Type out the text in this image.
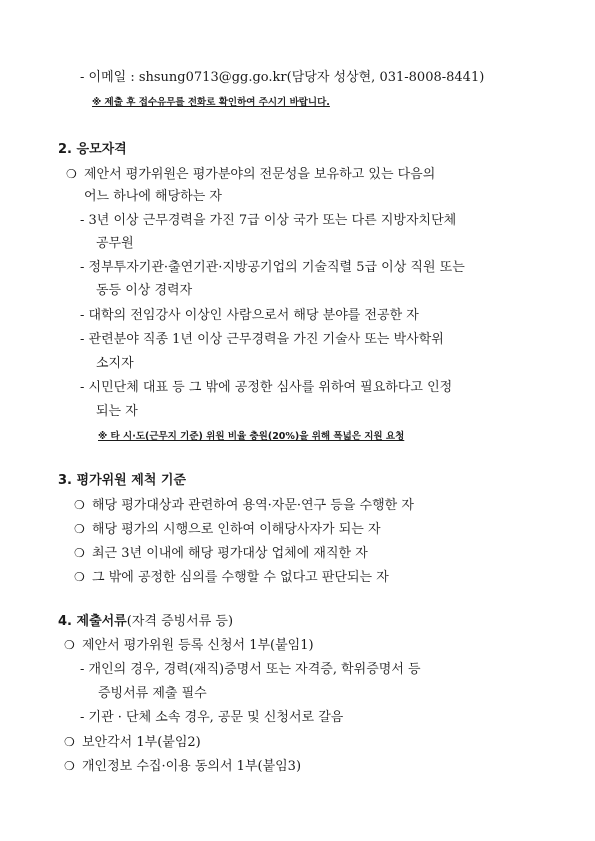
- 이메일 : shsung0713@gg.go.kr(담당자 성상현, 031-8008-8441)
※ 제출 후 접수유무를 전화로 확인하여 주시기 바랍니다.
2. 응모자격
❍ 제안서 평가위원은 평가분야의 전문성을 보유하고 있는 다음의
어느 하나에 해당하는 자
- 3년 이상 근무경력을 가진 7급 이상 국가 또는 다른 지방자치단체
공무원
- 정부투자기관·출연기관·지방공기업의 기술직렬 5급 이상 직원 또는
동등 이상 경력자
- 대학의 전임강사 이상인 사람으로서 해당 분야를 전공한 자
- 관련분야 직종 1년 이상 근무경력을 가진 기술사 또는 박사학위
소지자
- 시민단체 대표 등 그 밖에 공정한 심사를 위하여 필요하다고 인정
되는 자
※ 타 시·도(근무지 기준) 위원 비율 충원(20%)을 위해 폭넓은 지원 요청
3. 평가위원 제척 기준
❍ 해당 평가대상과 관련하여 용역·자문·연구 등을 수행한 자
❍ 해당 평가의 시행으로 인하여 이해당사자가 되는 자
❍ 최근 3년 이내에 해당 평가대상 업체에 재직한 자
❍ 그 밖에 공정한 심의를 수행할 수 없다고 판단되는 자
4. 제출서류(자격 증빙서류 등)
❍ 제안서 평가위원 등록 신청서 1부(붙임1)
- 개인의 경우, 경력(재직)증명서 또는 자격증, 학위증명서 등
증빙서류 제출 필수
- 기관 · 단체 소속 경우, 공문 및 신청서로 갈음
❍ 보안각서 1부(붙임2)
❍ 개인정보 수집·이용 동의서 1부(붙임3)
